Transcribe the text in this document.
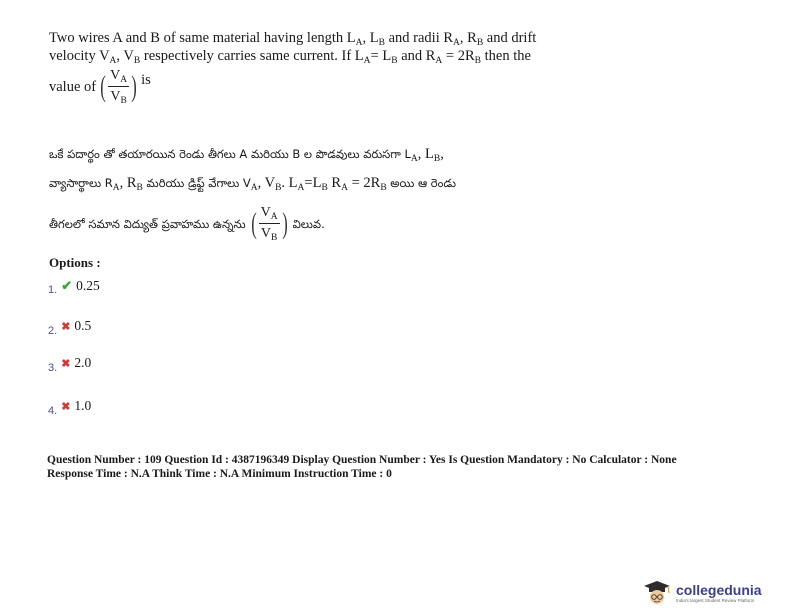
Two wires A and B of same material having length $L_A$, $L_B$ and radii $R_A$, $R_B$ and drift
velocity $V_A$, $V_B$ respectively carries same current. If $L_A= L_B$ and $R_A = 2R_B$ then the
value of ( $\frac{V_A}{V_B}$ ) is
ఒకే పదార్థం తో తయారయిన రెండు తీగలు A మరియు B ల పొడవులు వరుసగా $L_A$, $L_B$,
వ్యాసార్థాలు $R_A$, $R_B$ మరియు డ్రిఫ్ట్ వేగాలు $V_A$, $V_B$. $L_A=L_B$ $R_A = 2R_B$ అయి ఆ రెండు
తీగలలో సమాన విద్యుత్ ప్రవాహము ఉన్నను ( $\frac{V_A}{V_B}$ ) విలువ.
Options :
1. ✔ 0.25
2. ✖ 0.5
3. ✖ 2.0
4. ✖ 1.0
Question Number : 109 Question Id : 4387196349 Display Question Number : Yes Is Question Mandatory : No Calculator : None
Response Time : N.A Think Time : N.A Minimum Instruction Time : 0
collegedunia
India's largest Student Review Platform
